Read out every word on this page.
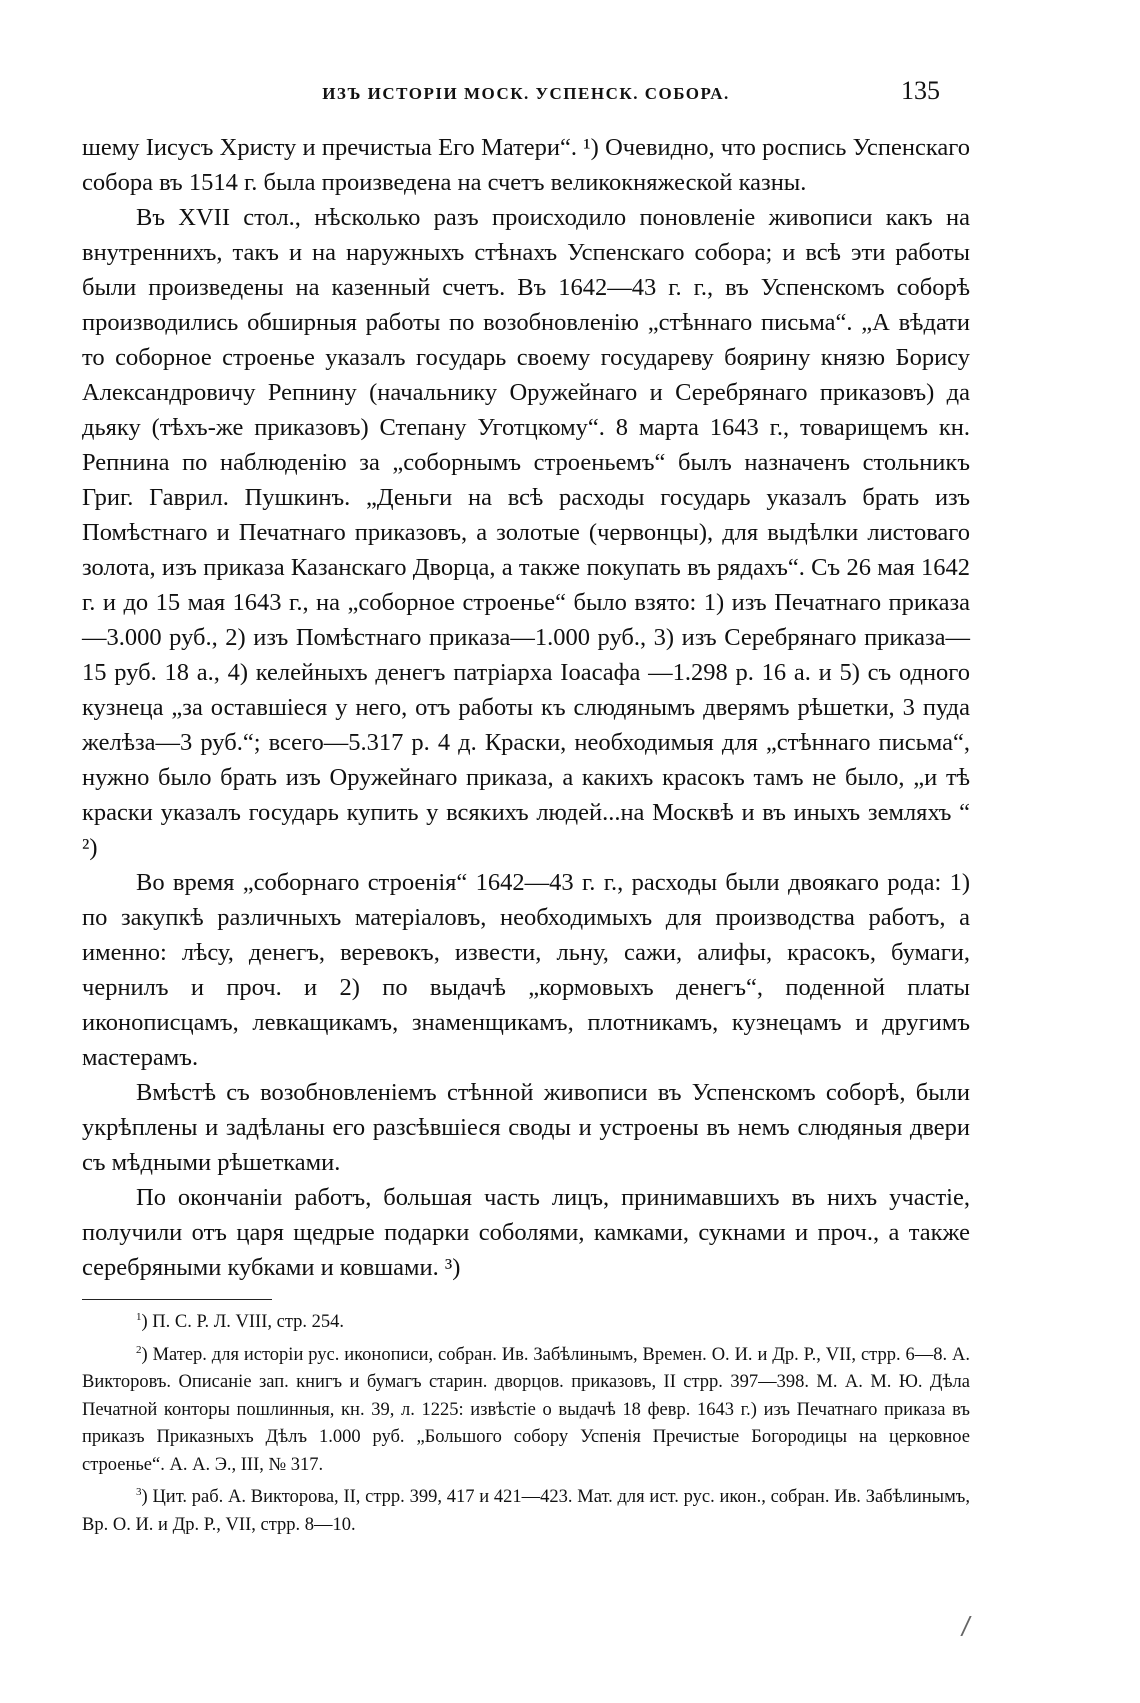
ИЗЪ ИСТОРІИ МОСК. УСПЕНСК. СОБОРА.	135

шему Іисусъ Христу и пречистыа Его Матери“. ¹) Очевидно, что роспись Успенскаго собора въ 1514 г. была произведена на счетъ великокняжеской казны.

Въ XVII стол., нѣсколько разъ происходило поновленіе живописи какъ на внутреннихъ, такъ и на наружныхъ стѣнахъ Успенскаго собора; и всѣ эти работы были произведены на казенный счетъ. Въ 1642—43 г. г., въ Успенскомъ соборѣ производились обширныя работы по возобновленію „стѣннаго письма“. „А вѣдати то соборное строенье указалъ государь своему государеву боярину князю Борису Александровичу Репнину (начальнику Оружейнаго и Серебрянаго приказовъ) да дьяку (тѣхъ-же приказовъ) Степану Уготцкому“. 8 марта 1643 г., товарищемъ кн. Репнина по наблюденію за „соборнымъ строеньемъ“ былъ назначенъ стольникъ Григ. Гаврил. Пушкинъ. „Деньги на всѣ расходы государь указалъ брать изъ Помѣстнаго и Печатнаго приказовъ, а золотые (червонцы), для выдѣлки листоваго золота, изъ приказа Казанскаго Дворца, а также покупать въ рядахъ“. Съ 26 мая 1642 г. и до 15 мая 1643 г., на „соборное строенье“ было взято: 1) изъ Печатнаго приказа—3.000 руб., 2) изъ Помѣстнаго приказа—1.000 руб., 3) изъ Серебрянаго приказа—15 руб. 18 а., 4) келейныхъ денегъ патріарха Іоасафа —1.298 р. 16 а. и 5) съ одного кузнеца „за оставшіеся у него, отъ работы къ слюдянымъ дверямъ рѣшетки, 3 пуда желѣза—3 руб.“; всего—5.317 р. 4 д. Краски, необходимыя для „стѣннаго письма“, нужно было брать изъ Оружейнаго приказа, а какихъ красокъ тамъ не было, „и тѣ краски указалъ государь купить у всякихъ людей...на Москвѣ и въ иныхъ земляхъ “ ²)

Во время „соборнаго строенія“ 1642—43 г. г., расходы были двоякаго рода: 1) по закупкѣ различныхъ матеріаловъ, необходимыхъ для производства работъ, а именно: лѣсу, денегъ, веревокъ, извести, льну, сажи, алифы, красокъ, бумаги, чернилъ и проч. и 2) по выдачѣ „кормовыхъ денегъ“, поденной платы иконописцамъ, левкащикамъ, знаменщикамъ, плотникамъ, кузнецамъ и другимъ мастерамъ.

Вмѣстѣ съ возобновленіемъ стѣнной живописи въ Успенскомъ соборѣ, были укрѣплены и задѣланы его разсѣвшіеся своды и устроены въ немъ слюдяныя двери съ мѣдными рѣшетками.

По окончаніи работъ, большая часть лицъ, принимавшихъ въ нихъ участіе, получили отъ царя щедрые подарки соболями, камками, сукнами и проч., а также серебряными кубками и ковшами. ³)

$^1$) П. С. Р. Л. VIII, стр. 254.

$^2$) Матер. для исторіи рус. иконописи, собран. Ив. Забѣлинымъ, Времен. О. И. и Др. Р., VII, стрр. 6—8. А. Викторовъ. Описаніе зап. книгъ и бумагъ старин. дворцов. приказовъ, II стрр. 397—398. М. А. М. Ю. Дѣла Печатной конторы пошлинныя, кн. 39, л. 1225: извѣстіе о выдачѣ 18 февр. 1643 г.) изъ Печатнаго приказа въ приказъ Приказныхъ Дѣлъ 1.000 руб. „Большого собору Успенія Пречистые Богородицы на церковное строенье“. А. А. Э., III, № 317.

$^3$) Цит. раб. А. Викторова, II, стрр. 399, 417 и 421—423. Мат. для ист. рус. икон., собран. Ив. Забѣлинымъ, Вр. О. И. и Др. Р., VII, стрр. 8—10.
